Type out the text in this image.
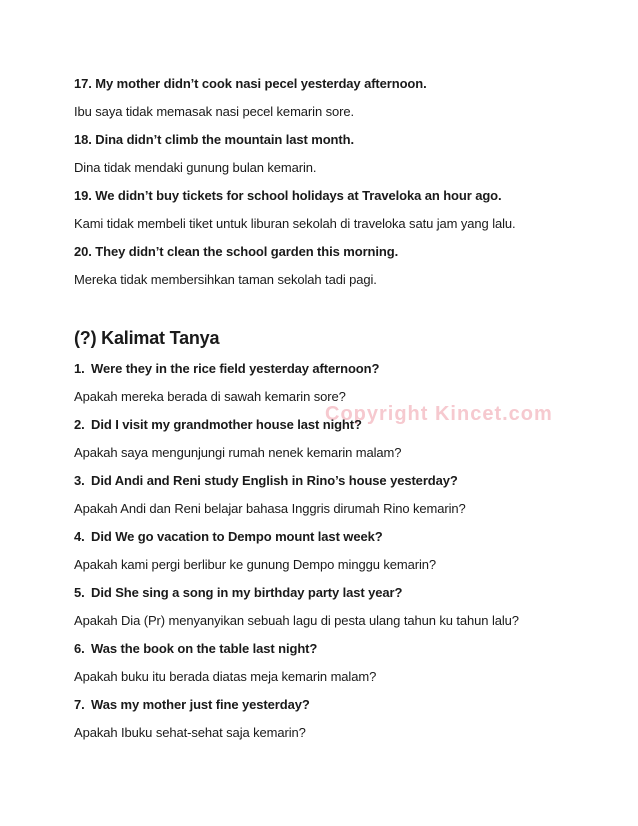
17. My mother didn’t cook nasi pecel yesterday afternoon.

Ibu saya tidak memasak nasi pecel kemarin sore.

18. Dina didn’t climb the mountain last month.

Dina tidak mendaki gunung bulan kemarin.

19. We didn’t buy tickets for school holidays at Traveloka an hour ago.

Kami tidak membeli tiket untuk liburan sekolah di traveloka satu jam yang lalu.

20. They didn’t clean the school garden this morning.

Mereka tidak membersihkan taman sekolah tadi pagi.

(?) Kalimat Tanya

1. Were they in the rice field yesterday afternoon?

Apakah mereka berada di sawah kemarin sore?

2. Did I visit my grandmother house last night?

Apakah saya mengunjungi rumah nenek kemarin malam?

3. Did Andi and Reni study English in Rino’s house yesterday?

Apakah Andi dan Reni belajar bahasa Inggris dirumah Rino kemarin?

4. Did We go vacation to Dempo mount last week?

Apakah kami pergi berlibur ke gunung Dempo minggu kemarin?

5. Did She sing a song in my birthday party last year?

Apakah Dia (Pr) menyanyikan sebuah lagu di pesta ulang tahun ku tahun lalu?

6. Was the book on the table last night?

Apakah buku itu berada diatas meja kemarin malam?

7. Was my mother just fine yesterday?

Apakah Ibuku sehat-sehat saja kemarin?

Copyright Kincet.com
